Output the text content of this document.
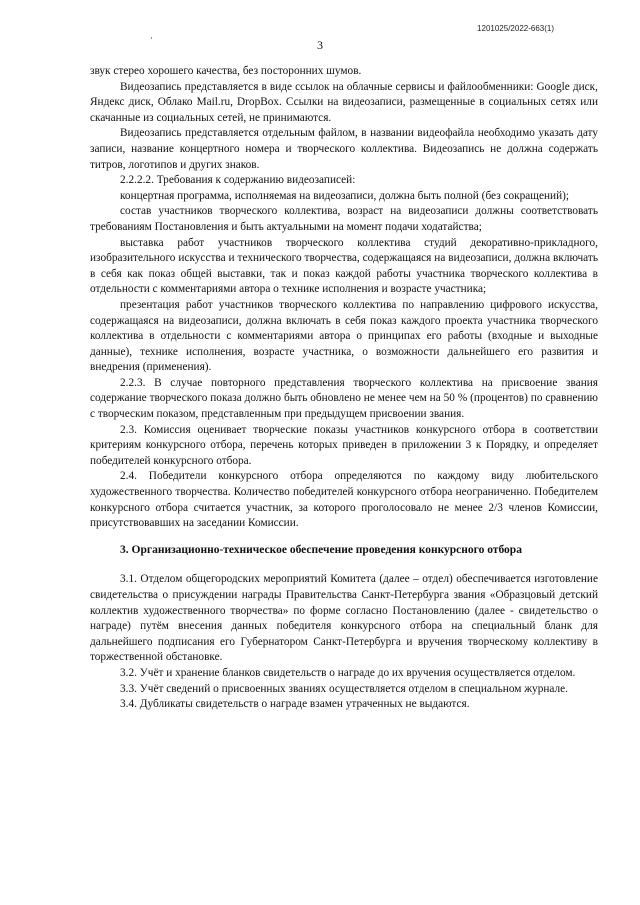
1201025/2022-663(1)
·	3

звук стерео хорошего качества, без посторонних шумов.

Видеозапись представляется в виде ссылок на облачные сервисы и файлообменники: Google диск, Яндекс диск, Облако Mail.ru, DropBox. Ссылки на видеозаписи, размещенные в социальных сетях или скачанные из социальных сетей, не принимаются.

Видеозапись представляется отдельным файлом, в названии видеофайла необходимо указать дату записи, название концертного номера и творческого коллектива. Видеозапись не должна содержать титров, логотипов и других знаков.

2.2.2.2. Требования к содержанию видеозаписей:

концертная программа, исполняемая на видеозаписи, должна быть полной (без сокращений);

состав участников творческого коллектива, возраст на видеозаписи должны соответствовать требованиям Постановления и быть актуальными на момент подачи ходатайства;

выставка работ участников творческого коллектива студий декоративно-прикладного, изобразительного искусства и технического творчества, содержащаяся на видеозаписи, должна включать в себя как показ общей выставки, так и показ каждой работы участника творческого коллектива в отдельности с комментариями автора о технике исполнения и возрасте участника;

презентация работ участников творческого коллектива по направлению цифрового искусства, содержащаяся на видеозаписи, должна включать в себя показ каждого проекта участника творческого коллектива в отдельности с комментариями автора о принципах его работы (входные и выходные данные), технике исполнения, возрасте участника, о возможности дальнейшего его развития и внедрения (применения).

2.2.3. В случае повторного представления творческого коллектива на присвоение звания содержание творческого показа должно быть обновлено не менее чем на 50 % (процентов) по сравнению с творческим показом, представленным при предыдущем присвоении звания.

2.3. Комиссия оценивает творческие показы участников конкурсного отбора в соответствии критериям конкурсного отбора, перечень которых приведен в приложении 3 к Порядку, и определяет победителей конкурсного отбора.

2.4. Победители конкурсного отбора определяются по каждому виду любительского художественного творчества. Количество победителей конкурсного отбора неограниченно. Победителем конкурсного отбора считается участник, за которого проголосовало не менее 2/3 членов Комиссии, присутствовавших на заседании Комиссии.

3. Организационно-техническое обеспечение проведения конкурсного отбора

3.1. Отделом общегородских мероприятий Комитета (далее – отдел) обеспечивается изготовление свидетельства о присуждении награды Правительства Санкт-Петербурга звания «Образцовый детский коллектив художественного творчества» по форме согласно Постановлению (далее - свидетельство о награде) путём внесения данных победителя конкурсного отбора на специальный бланк для дальнейшего подписания его Губернатором Санкт-Петербурга и вручения творческому коллективу в торжественной обстановке.

3.2. Учёт и хранение бланков свидетельств о награде до их вручения осуществляется отделом.

3.3. Учёт сведений о присвоенных званиях осуществляется отделом в специальном журнале.

3.4. Дубликаты свидетельств о награде взамен утраченных не выдаются.
